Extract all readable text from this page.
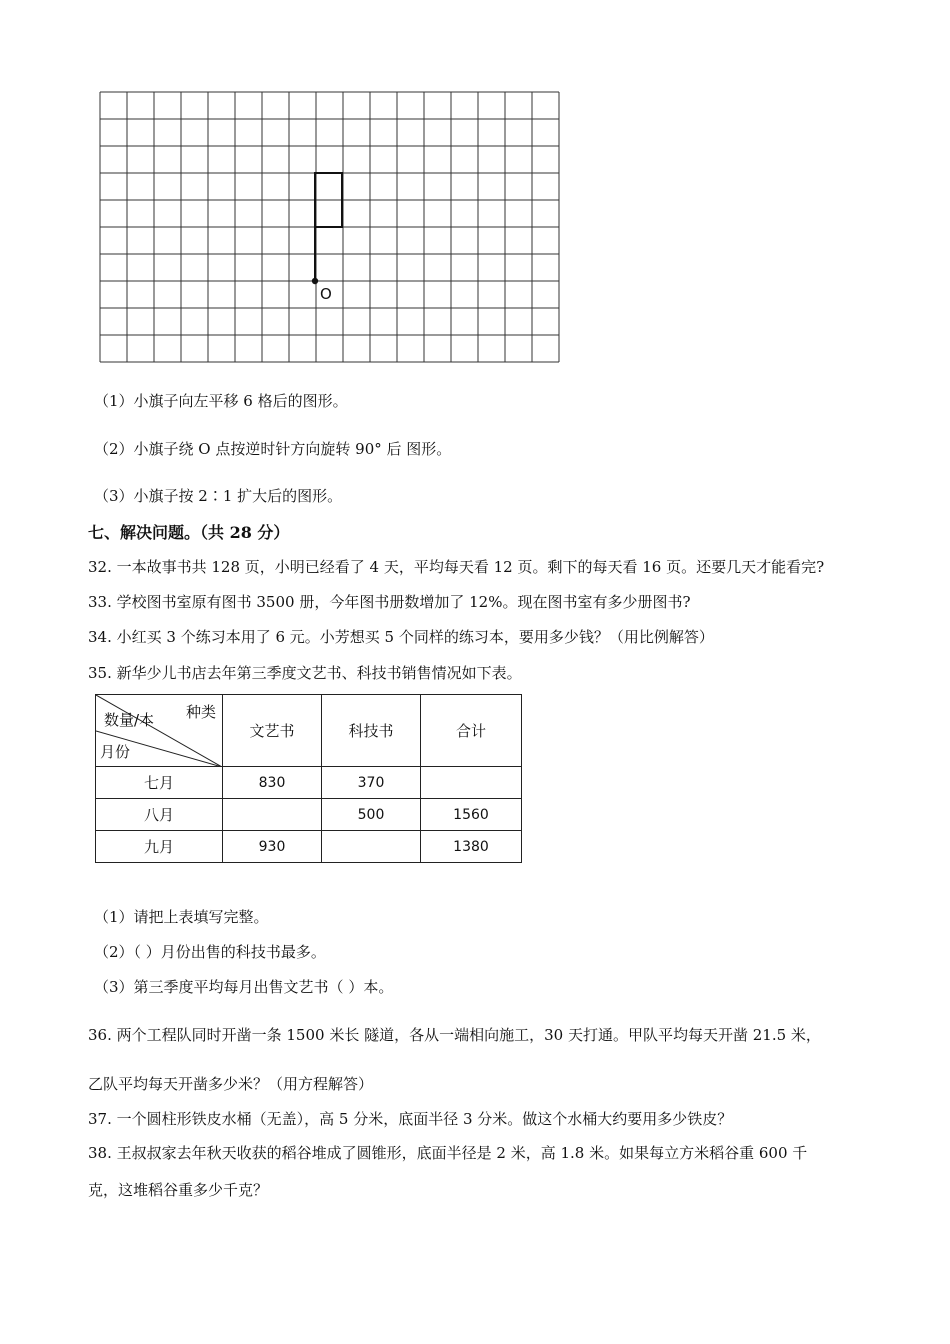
O
（1）小旗子向左平移 6 格后的图形。
（2）小旗子绕 O 点按逆时针方向旋转 90° 后 图形。
（3）小旗子按 2∶1 扩大后的图形。
七、解决问题。（共 28 分）
32. 一本故事书共 128 页，小明已经看了 4 天，平均每天看 12 页。剩下的每天看 16 页。还要几天才能看完?
33. 学校图书室原有图书 3500 册，今年图书册数增加了 12%。现在图书室有多少册图书?
34. 小红买 3 个练习本用了 6 元。小芳想买 5 个同样的练习本，要用多少钱？（用比例解答）
35. 新华少儿书店去年第三季度文艺书、科技书销售情况如下表。
种类
数量/本
月份	文艺书	科技书	合计
七月	830	370	
八月		500	1560
九月	930		1380
（1）请把上表填写完整。
（2）（ ）月份出售的科技书最多。
（3）第三季度平均每月出售文艺书（ ）本。
36. 两个工程队同时开凿一条 1500 米长 隧道，各从一端相向施工，30 天打通。甲队平均每天开凿 21.5 米，
乙队平均每天开凿多少米？（用方程解答）
37. 一个圆柱形铁皮水桶（无盖），高 5 分米，底面半径 3 分米。做这个水桶大约要用多少铁皮？
38. 王叔叔家去年秋天收获的稻谷堆成了圆锥形，底面半径是 2 米，高 1.8 米。如果每立方米稻谷重 600 千
克，这堆稻谷重多少千克？
